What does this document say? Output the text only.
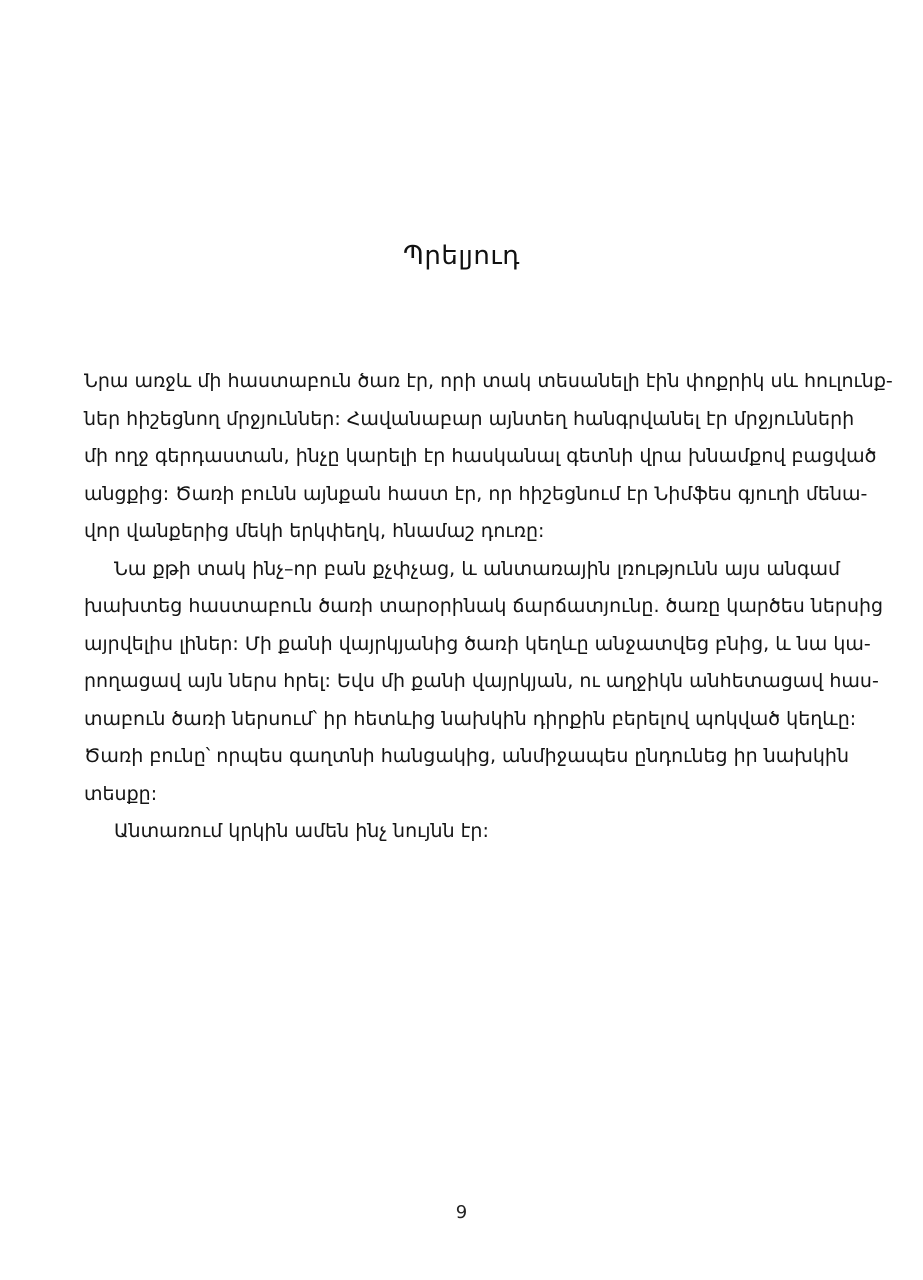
Պրելյուդ
Նրա առջև մի հաստաբուն ծառ էր, որի տակ տեսանելի էին փոքրիկ սև հուլունք-
ներ հիշեցնող մրջյուններ: Հավանաբար այնտեղ հանգրվանել էր մրջյունների
մի ողջ գերդաստան, ինչը կարելի էր հասկանալ գետնի վրա խնամքով բացված
անցքից: Ծառի բունն այնքան հաստ էր, որ հիշեցնում էր Նիմֆես գյուղի մենա-
վոր վանքերից մեկի երկփեղկ, հնամաշ դուռը:
Նա քթի տակ ինչ–որ բան քչփչաց, և անտառային լռությունն այս անգամ
խախտեց հաստաբուն ծառի տարօրինակ ճարճատյունը. ծառը կարծես ներսից
այրվելիս լիներ: Մի քանի վայրկյանից ծառի կեղևը անջատվեց բնից, և նա կա-
րողացավ այն ներս հրել: Եվս մի քանի վայրկյան, ու աղջիկն անհետացավ հաս-
տաբուն ծառի ներսում՝ իր հետևից նախկին դիրքին բերելով պոկված կեղևը:
Ծառի բունը՝ որպես գաղտնի հանցակից, անմիջապես ընդունեց իր նախկին
տեսքը:
Անտառում կրկին ամեն ինչ նույնն էր:
9
